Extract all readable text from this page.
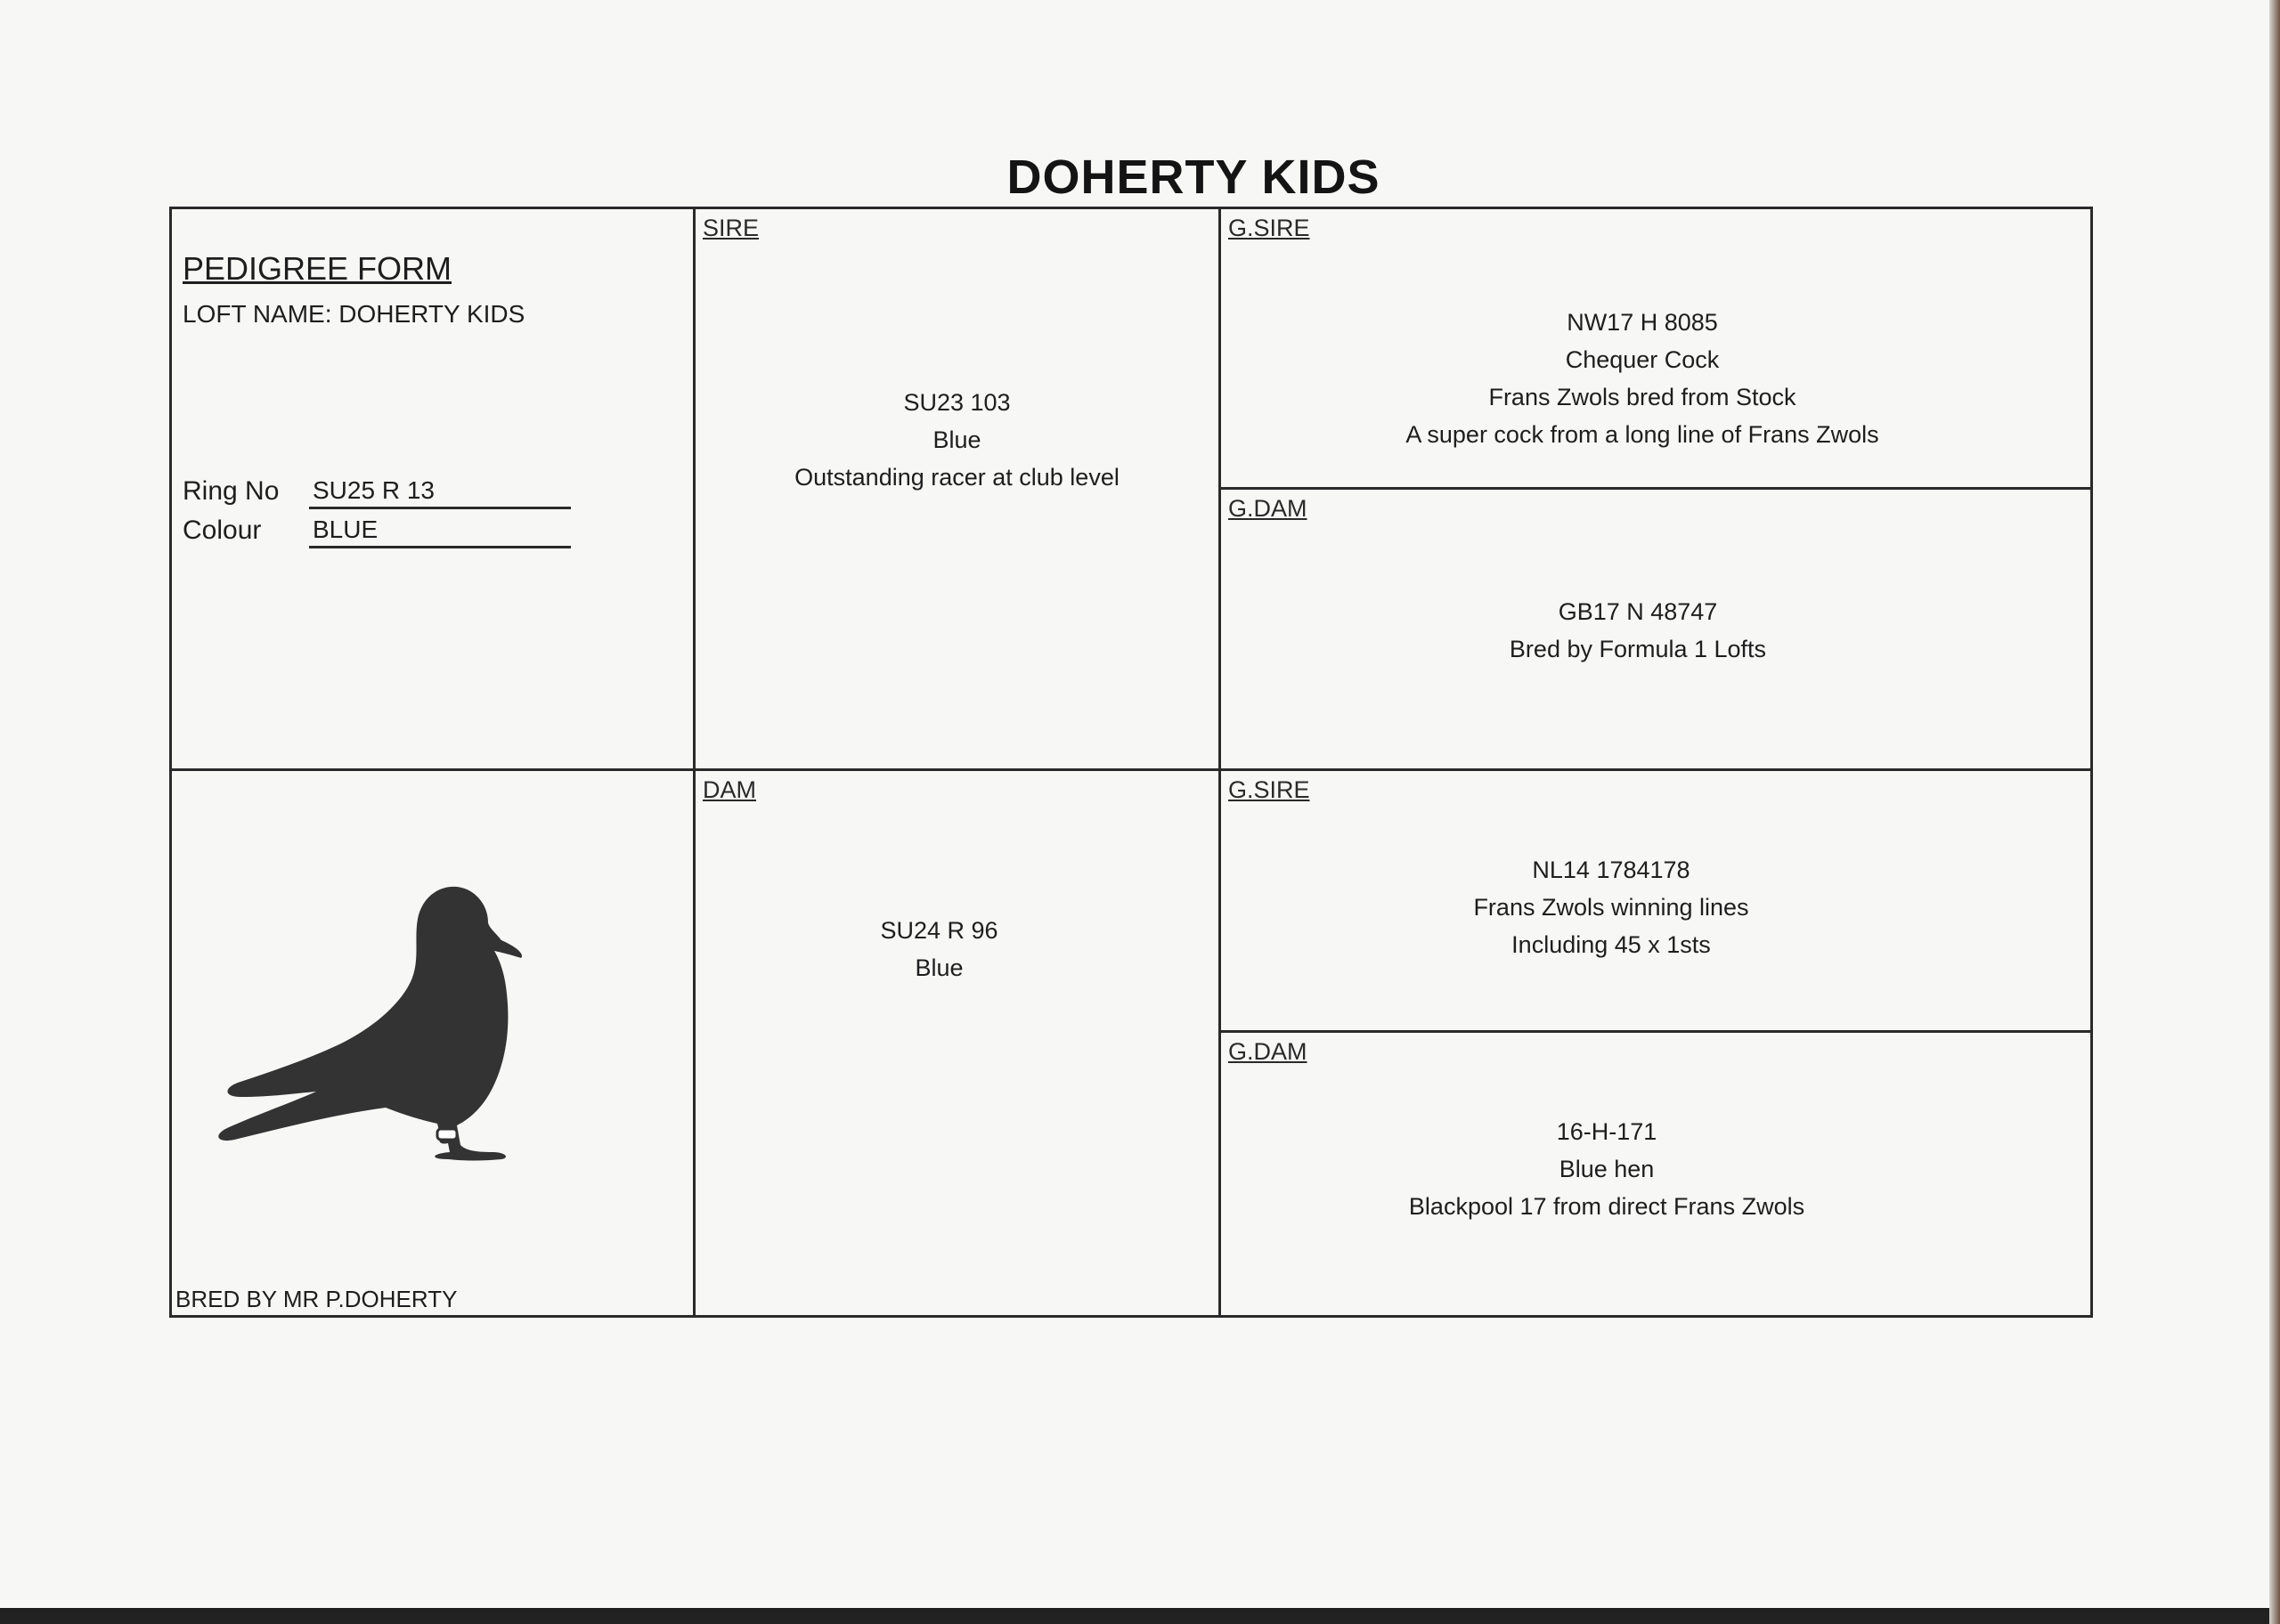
DOHERTY KIDS
PEDIGREE FORM
LOFT NAME: DOHERTY KIDS
Ring No SU25 R 13
Colour BLUE
BRED BY MR P.DOHERTY
SIRE
SU23 103
Blue
Outstanding racer at club level
DAM
SU24 R 96
Blue
G.SIRE
NW17 H 8085
Chequer Cock
Frans Zwols bred from Stock
A super cock from a long line of Frans Zwols
G.DAM
GB17 N 48747
Bred by Formula 1 Lofts
G.SIRE
NL14 1784178
Frans Zwols winning lines
Including 45 x 1sts
G.DAM
16-H-171
Blue hen
Blackpool 17 from direct Frans Zwols
